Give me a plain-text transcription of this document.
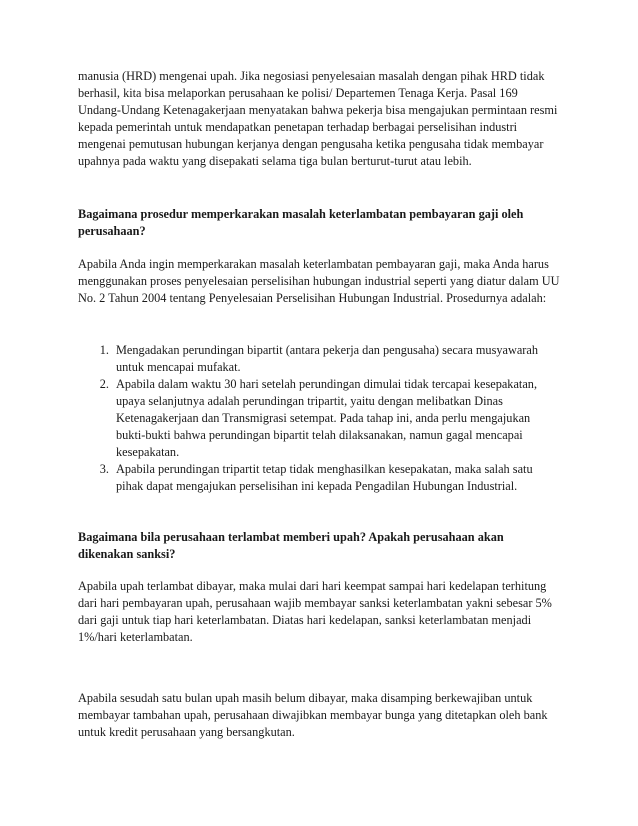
manusia (HRD) mengenai upah. Jika negosiasi penyelesaian masalah dengan pihak HRD tidak berhasil, kita bisa melaporkan perusahaan ke polisi/ Departemen Tenaga Kerja. Pasal 169 Undang-Undang Ketenagakerjaan menyatakan bahwa pekerja bisa mengajukan permintaan resmi kepada pemerintah untuk mendapatkan penetapan terhadap berbagai perselisihan industri mengenai pemutusan hubungan kerjanya dengan pengusaha ketika pengusaha tidak membayar upahnya pada waktu yang disepakati selama tiga bulan berturut-turut atau lebih.

Bagaimana prosedur memperkarakan masalah keterlambatan pembayaran gaji oleh perusahaan?

Apabila Anda ingin memperkarakan masalah keterlambatan pembayaran gaji, maka Anda harus menggunakan proses penyelesaian perselisihan hubungan industrial seperti yang diatur dalam UU No. 2 Tahun 2004 tentang Penyelesaian Perselisihan Hubungan Industrial. Prosedurnya adalah:

1. Mengadakan perundingan bipartit (antara pekerja dan pengusaha) secara musyawarah untuk mencapai mufakat.
2. Apabila dalam waktu 30 hari setelah perundingan dimulai tidak tercapai kesepakatan, upaya selanjutnya adalah perundingan tripartit, yaitu dengan melibatkan Dinas Ketenagakerjaan dan Transmigrasi setempat. Pada tahap ini, anda perlu mengajukan bukti-bukti bahwa perundingan bipartit telah dilaksanakan, namun gagal mencapai kesepakatan.
3. Apabila perundingan tripartit tetap tidak menghasilkan kesepakatan, maka salah satu pihak dapat mengajukan perselisihan ini kepada Pengadilan Hubungan Industrial.
Bagaimana bila perusahaan terlambat memberi upah? Apakah perusahaan akan dikenakan sanksi?

Apabila upah terlambat dibayar, maka mulai dari hari keempat sampai hari kedelapan terhitung dari hari pembayaran upah, perusahaan wajib membayar sanksi keterlambatan yakni sebesar 5% dari gaji untuk tiap hari keterlambatan. Diatas hari kedelapan, sanksi keterlambatan menjadi 1%/hari keterlambatan.

Apabila sesudah satu bulan upah masih belum dibayar, maka disamping berkewajiban untuk membayar tambahan upah, perusahaan diwajibkan membayar bunga yang ditetapkan oleh bank untuk kredit perusahaan yang bersangkutan.
